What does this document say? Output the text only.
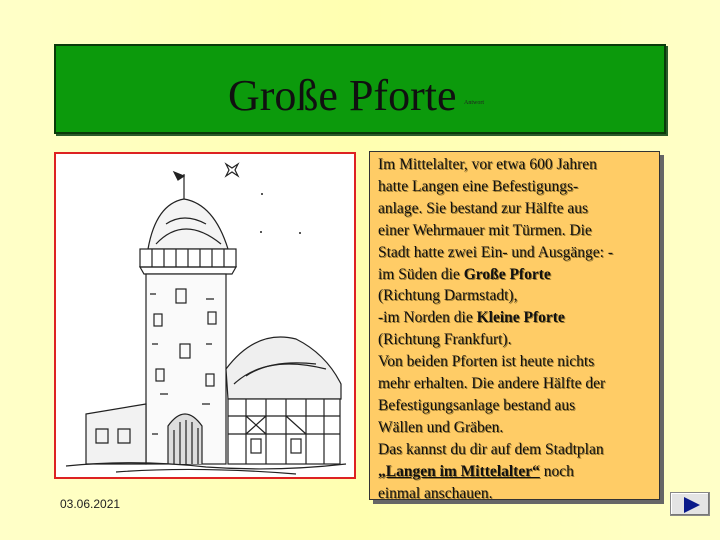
Große Pforte Antwort
Im Mittelalter, vor etwa 600 Jahren
hatte Langen eine Befestigungs-
anlage. Sie bestand zur Hälfte aus
einer Wehrmauer mit Türmen. Die
Stadt hatte zwei Ein- und Ausgänge: -
im Süden die Große Pforte
(Richtung Darmstadt),
-im Norden die Kleine Pforte
(Richtung Frankfurt).
Von beiden Pforten ist heute nichts
mehr erhalten. Die andere Hälfte der
Befestigungsanlage bestand aus
Wällen und Gräben.
Das kannst du dir auf dem Stadtplan
„Langen im Mittelalter“ noch
einmal anschauen.
03.06.2021
